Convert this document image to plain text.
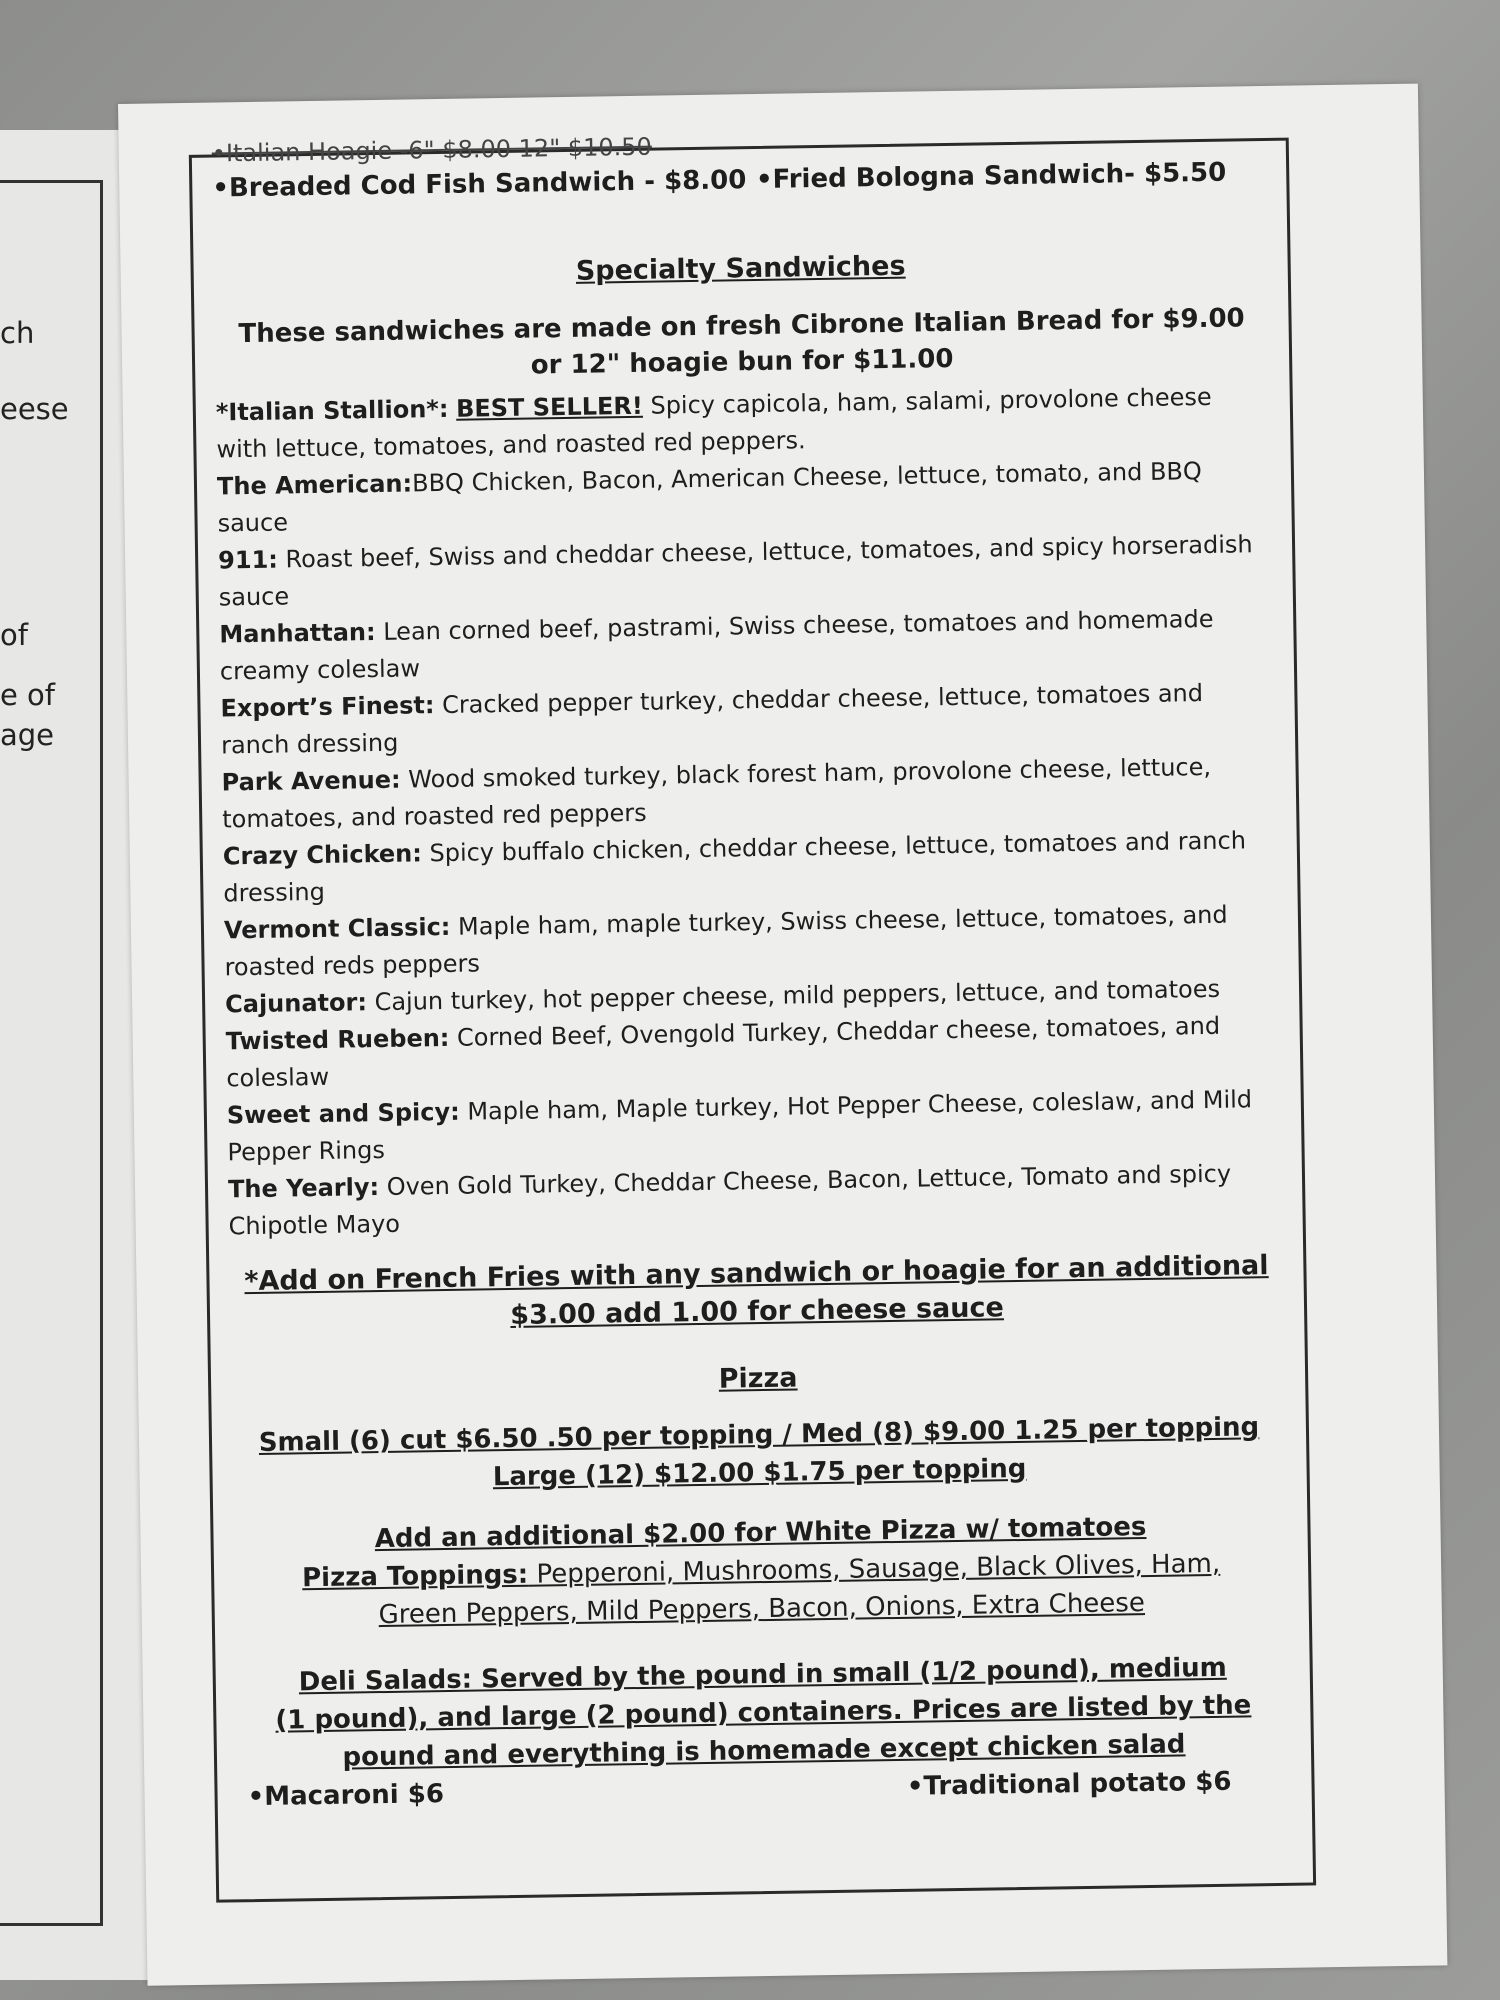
ch
eese
of
e of
age
•Italian Hoagie -6" $8.00 12" $10.50
•Breaded Cod Fish Sandwich - $8.00 •Fried Bologna Sandwich- $5.50
Specialty Sandwiches
These sandwiches are made on fresh Cibrone Italian Bread for $9.00
or 12" hoagie bun for $11.00

*Italian Stallion*: BEST SELLER! Spicy capicola, ham, salami, provolone cheese with lettuce, tomatoes, and roasted red peppers.

The American:BBQ Chicken, Bacon, American Cheese, lettuce, tomato, and BBQ sauce

911: Roast beef, Swiss and cheddar cheese, lettuce, tomatoes, and spicy horseradish sauce

Manhattan: Lean corned beef, pastrami, Swiss cheese, tomatoes and homemade creamy coleslaw

Export’s Finest: Cracked pepper turkey, cheddar cheese, lettuce, tomatoes and ranch dressing

Park Avenue: Wood smoked turkey, black forest ham, provolone cheese, lettuce, tomatoes, and roasted red peppers

Crazy Chicken: Spicy buffalo chicken, cheddar cheese, lettuce, tomatoes and ranch dressing

Vermont Classic: Maple ham, maple turkey, Swiss cheese, lettuce, tomatoes, and roasted reds peppers

Cajunator: Cajun turkey, hot pepper cheese, mild peppers, lettuce, and tomatoes

Twisted Rueben: Corned Beef, Ovengold Turkey, Cheddar cheese, tomatoes, and coleslaw

Sweet and Spicy: Maple ham, Maple turkey, Hot Pepper Cheese, coleslaw, and Mild Pepper Rings

The Yearly: Oven Gold Turkey, Cheddar Cheese, Bacon, Lettuce, Tomato and spicy Chipotle Mayo

*Add on French Fries with any sandwich or hoagie for an additional
$3.00 add 1.00 for cheese sauce
Pizza
Small (6) cut $6.50 .50 per topping / Med (8) $9.00 1.25 per topping
Large (12) $12.00 $1.75 per topping
Add an additional $2.00 for White Pizza w/ tomatoes
Pizza Toppings: Pepperoni, Mushrooms, Sausage, Black Olives, Ham,
Green Peppers, Mild Peppers, Bacon, Onions, Extra Cheese
Deli Salads: Served by the pound in small (1/2 pound), medium
(1 pound), and large (2 pound) containers. Prices are listed by the
pound and everything is homemade except chicken salad
•Macaroni $6	•Traditional potato $6
